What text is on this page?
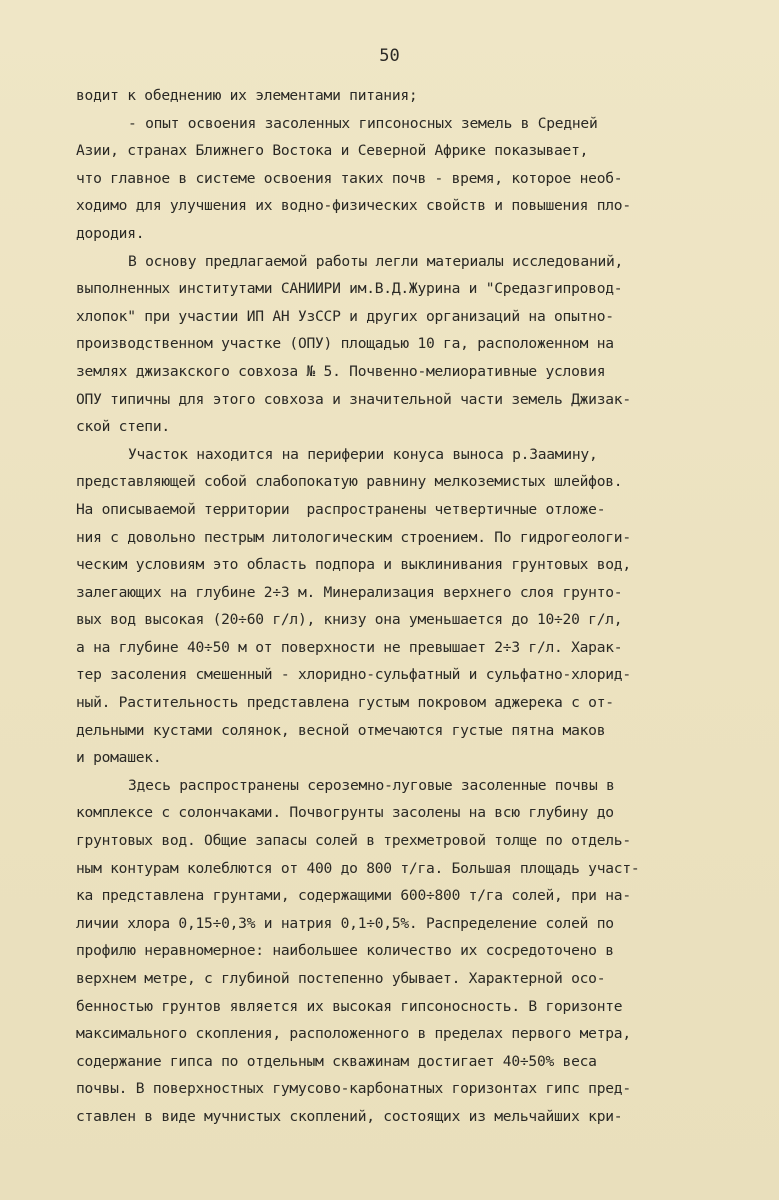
50
водит к обеднению их элементами питания;
- опыт освоения засоленных гипсоносных земель в Средней
Азии, странах Ближнего Востока и Северной Африке показывает,
что главное в системе освоения таких почв - время, которое необ-
ходимо для улучшения их водно-физических свойств и повышения пло-
дородия.
В основу предлагаемой работы легли материалы исследований,
выполненных институтами САНИИРИ им.В.Д.Журина и "Средазгипровод-
хлопок" при участии ИП АН УзССР и других организаций на опытно-
производственном участке (ОПУ) площадью 10 га, расположенном на
землях джизакского совхоза № 5. Почвенно-мелиоративные условия
ОПУ типичны для этого совхоза и значительной части земель Джизак-
ской степи.
Участок находится на периферии конуса выноса р.Заамину,
представляющей собой слабопокатую равнину мелкоземистых шлейфов.
На описываемой территории  распространены четвертичные отложе-
ния с довольно пестрым литологическим строением. По гидрогеологи-
ческим условиям это область подпора и выклинивания грунтовых вод,
залегающих на глубине 2÷3 м. Минерализация верхнего слоя грунто-
вых вод высокая (20÷60 г/л), книзу она уменьшается до 10÷20 г/л,
а на глубине 40÷50 м от поверхности не превышает 2÷3 г/л. Харак-
тер засоления смешенный - хлоридно-сульфатный и сульфатно-хлорид-
ный. Растительность представлена густым покровом аджерека с от-
дельными кустами солянок, весной отмечаются густые пятна маков
и ромашек.
Здесь распространены сероземно-луговые засоленные почвы в
комплексе с солончаками. Почвогрунты засолены на всю глубину до
грунтовых вод. Общие запасы солей в трехметровой толще по отдель-
ным контурам колеблются от 400 до 800 т/га. Большая площадь участ-
ка представлена грунтами, содержащими 600÷800 т/га солей, при на-
личии хлора 0,15÷0,3% и натрия 0,1÷0,5%. Распределение солей по
профилю неравномерное: наибольшее количество их сосредоточено в
верхнем метре, с глубиной постепенно убывает. Характерной осо-
бенностью грунтов является их высокая гипсоносность. В горизонте
максимального скопления, расположенного в пределах первого метра,
содержание гипса по отдельным скважинам достигает 40÷50% веса
почвы. В поверхностных гумусово-карбонатных горизонтах гипс пред-
ставлен в виде мучнистых скоплений, состоящих из мельчайших кри-
